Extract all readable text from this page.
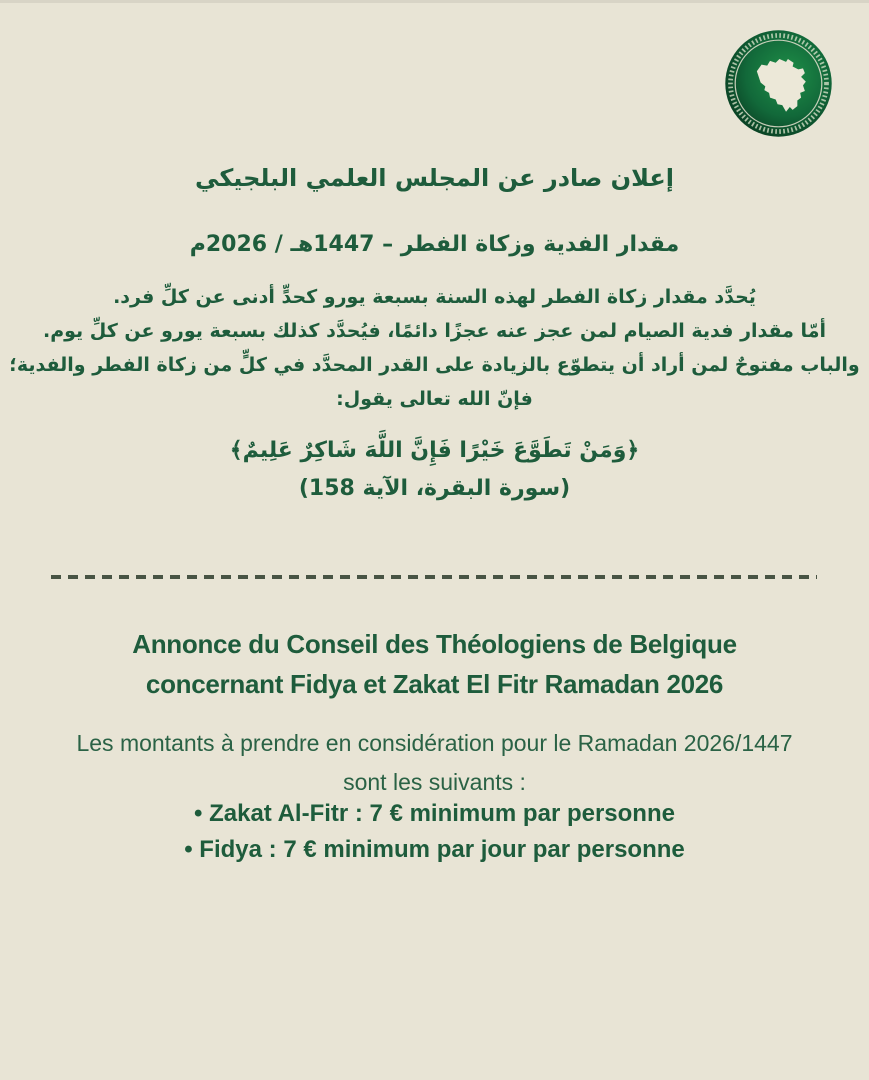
إعلان صادر عن المجلس العلمي البلجيكي
مقدار الفدية وزكاة الفطر – 1447هـ / 2026م
يُحدَّد مقدار زكاة الفطر لهذه السنة بسبعة يورو كحدٍّ أدنى عن كلِّ فرد.
أمّا مقدار فدية الصيام لمن عجز عنه عجزًا دائمًا، فيُحدَّد كذلك بسبعة يورو عن كلِّ يوم.
والباب مفتوحٌ لمن أراد أن يتطوّع بالزيادة على القدر المحدَّد في كلٍّ من زكاة الفطر والفدية؛
فإنّ الله تعالى يقول:
﴿وَمَنْ تَطَوَّعَ خَيْرًا فَإِنَّ اللَّهَ شَاكِرٌ عَلِيمٌ﴾
(سورة البقرة، الآية 158)
Annonce du Conseil des Théologiens de Belgique
concernant Fidya et Zakat El Fitr Ramadan 2026
Les montants à prendre en considération pour le Ramadan 2026/1447
sont les suivants :
• Zakat Al-Fitr : 7 € minimum par personne
• Fidya : 7 € minimum par jour par personne
